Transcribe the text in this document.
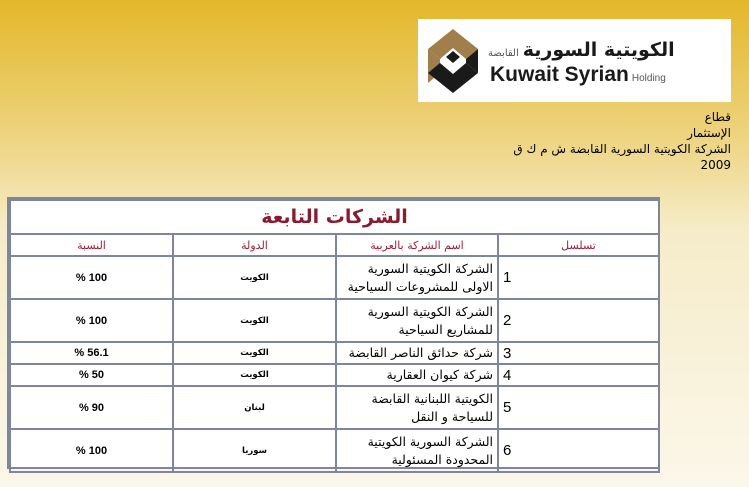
الكويتية السوريةالقابضة
Kuwait Syrian Holding
قطاع
الإستثمار
الشركة الكويتية السورية القابضة ش م ك ق
2009
الشركات التابعة			
تسلسل	اسم الشركة بالعربية	الدولة	النسبة
1	الشركة الكويتية السورية الاولى للمشروعات السياحية	الكويت	100 %
2	الشركة الكويتية السورية للمشاريع السياحية	الكويت	100 %
3	شركة حدائق الناصر القابضة	الكويت	56.1 %
4	شركة كيوان العقارية	الكويت	50 %
5	الكويتية اللبنانية القابضة للسياحة و النقل	لبنان	90 %
6	الشركة السورية الكويتية المحدودة المسئولية	سوريا	100 %
